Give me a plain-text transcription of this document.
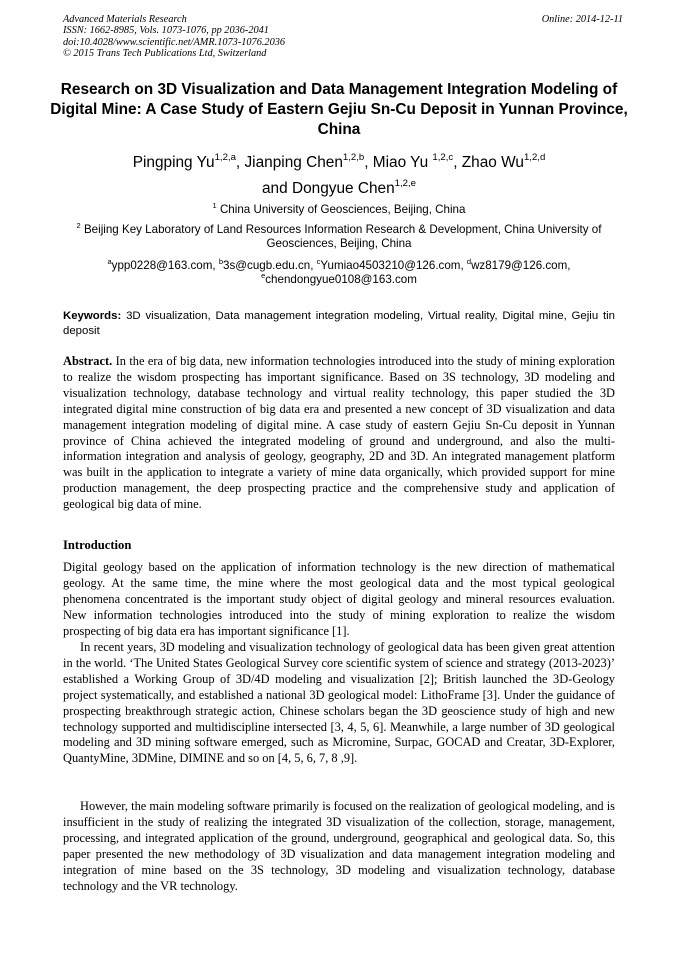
Advanced Materials Research
ISSN: 1662-8985, Vols. 1073-1076, pp 2036-2041
doi:10.4028/www.scientific.net/AMR.1073-1076.2036
© 2015 Trans Tech Publications Ltd, Switzerland
Online: 2014-12-11
Research on 3D Visualization and Data Management Integration Modeling of Digital Mine: A Case Study of Eastern Gejiu Sn-Cu Deposit in Yunnan Province, China
Pingping Yu$^{1,2,a}$, Jianping Chen$^{1,2,b}$, Miao Yu $^{1,2,c}$, Zhao Wu$^{1,2,d}$
and Dongyue Chen$^{1,2,e}$
$^1$ China University of Geosciences, Beijing, China
$^2$ Beijing Key Laboratory of Land Resources Information Research & Development, China University of Geosciences, Beijing, China
$^a$ypp0228@163.com, $^b$3s@cugb.edu.cn, $^c$Yumiao4503210@126.com, $^d$wz8179@126.com,
$^e$chendongyue0108@163.com
Keywords: 3D visualization, Data management integration modeling, Virtual reality, Digital mine, Gejiu tin deposit

Abstract. In the era of big data, new information technologies introduced into the study of mining exploration to realize the wisdom prospecting has important significance. Based on 3S technology, 3D modeling and visualization technology, database technology and virtual reality technology, this paper studied the 3D integrated digital mine construction of big data era and presented a new concept of 3D visualization and data management integration modeling of digital mine. A case study of eastern Gejiu Sn-Cu deposit in Yunnan province of China achieved the integrated modeling of ground and underground, and also the multi-information integration and analysis of geology, geography, 2D and 3D. An integrated management platform was built in the application to integrate a variety of mine data organically, which provided support for mine production management, the deep prospecting practice and the comprehensive study and application of geological big data of mine.

Introduction

Digital geology based on the application of information technology is the new direction of mathematical geology. At the same time, the mine where the most geological data and the most typical geological phenomena concentrated is the important study object of digital geology and mineral resources evaluation. New information technologies introduced into the study of mining exploration to realize the wisdom prospecting of big data era has important significance [1].

In recent years, 3D modeling and visualization technology of geological data has been given great attention in the world. ‘The United States Geological Survey core scientific system of science and strategy (2013-2023)’ established a Working Group of 3D/4D modeling and visualization [2]; British launched the 3D-Geology project systematically, and established a national 3D geological model: LithoFrame [3]. Under the guidance of prospecting breakthrough strategic action, Chinese scholars began the 3D geoscience study of high and new technology supported and multidiscipline intersected [3, 4, 5, 6]. Meanwhile, a large number of 3D geological modeling and 3D mining software emerged, such as Micromine, Surpac, GOCAD and Creatar, 3D-Explorer, QuantyMine, 3DMine, DIMINE and so on [4, 5, 6, 7, 8 ,9].

However, the main modeling software primarily is focused on the realization of geological modeling, and is insufficient in the study of realizing the integrated 3D visualization of the collection, storage, management, processing, and integrated application of the ground, underground, geographical and geological data. So, this paper presented the new methodology of 3D visualization and data management integration modeling and integration of mine based on the 3S technology, 3D modeling and visualization technology, database technology and the VR technology.
